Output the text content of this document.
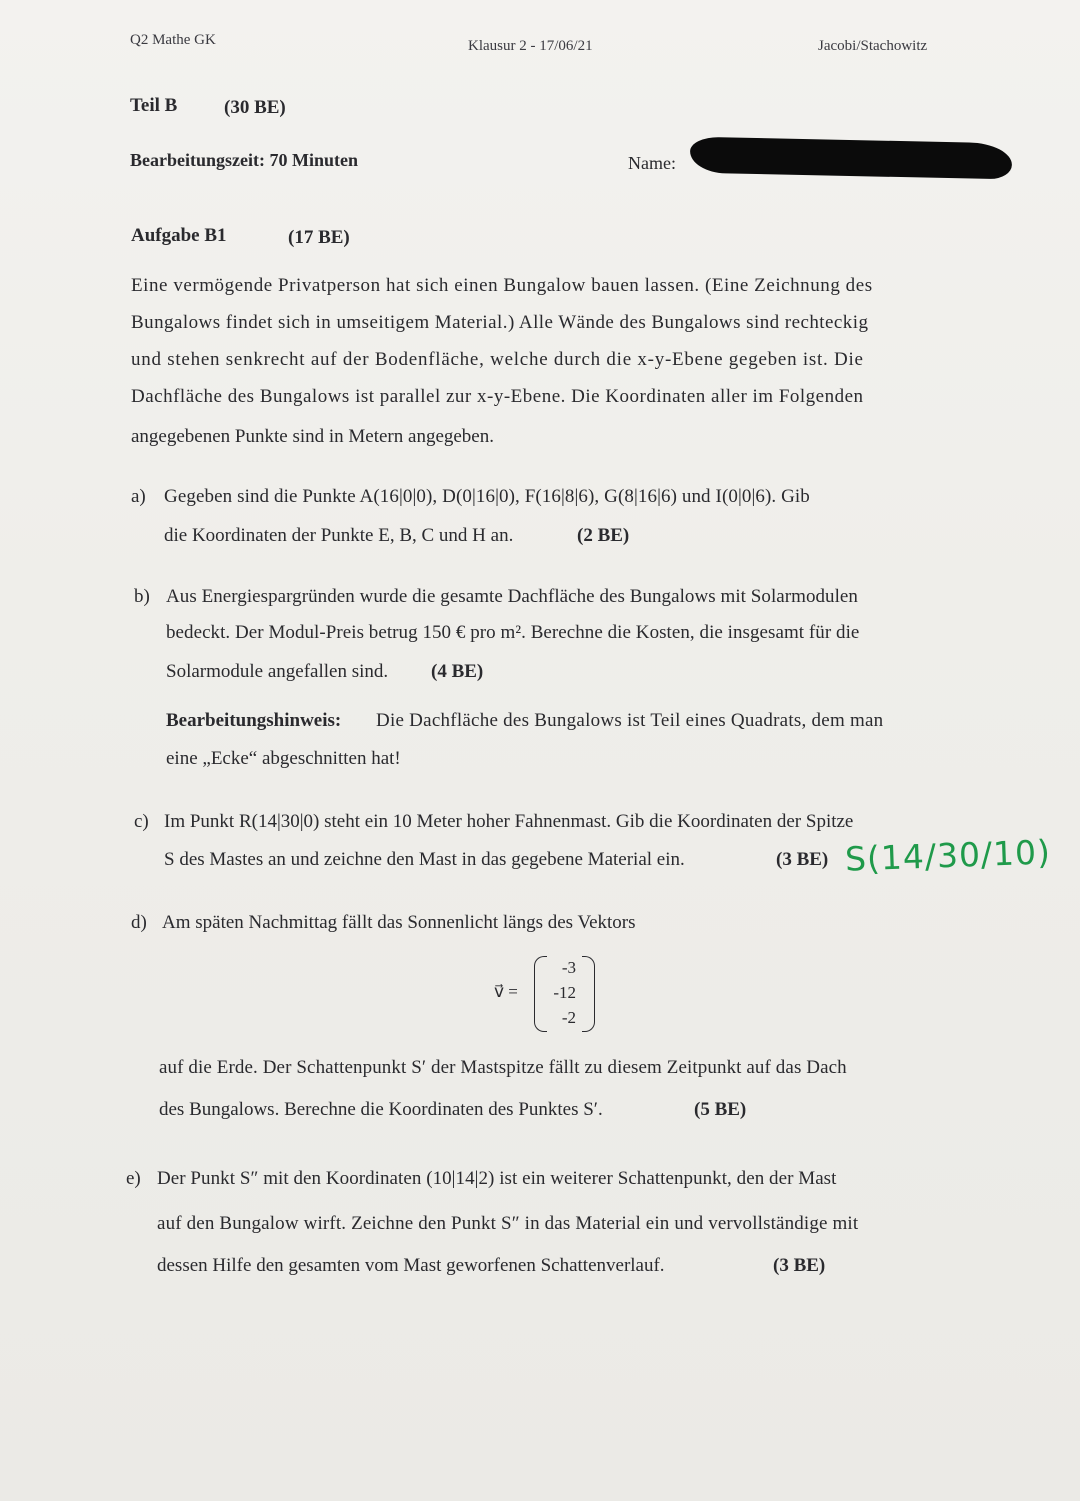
Q2 Mathe GK	Klausur 2 - 17/06/21	Jacobi/Stachowitz
Teil B (30 BE)
Bearbeitungszeit: 70 Minuten	Name:
Aufgabe B1	(17 BE)
Eine vermögende Privatperson hat sich einen Bungalow bauen lassen. (Eine Zeichnung des
Bungalows findet sich in umseitigem Material.) Alle Wände des Bungalows sind rechteckig
und stehen senkrecht auf der Bodenfläche, welche durch die x-y-Ebene gegeben ist. Die
Dachfläche des Bungalows ist parallel zur x-y-Ebene. Die Koordinaten aller im Folgenden
angegebenen Punkte sind in Metern angegeben.
a) Gegeben sind die Punkte A(16|0|0), D(0|16|0), F(16|8|6), G(8|16|6) und I(0|0|6). Gib
die Koordinaten der Punkte E, B, C und H an.	(2 BE)
b) Aus Energiespargründen wurde die gesamte Dachfläche des Bungalows mit Solarmodulen
bedeckt. Der Modul-Preis betrug 150 € pro m². Berechne die Kosten, die insgesamt für die
Solarmodule angefallen sind. (4 BE)
Bearbeitungshinweis: Die Dachfläche des Bungalows ist Teil eines Quadrats, dem man
eine „Ecke“ abgeschnitten hat!
c) Im Punkt R(14|30|0) steht ein 10 Meter hoher Fahnenmast. Gib die Koordinaten der Spitze
S des Mastes an und zeichne den Mast in das gegebene Material ein.	(3 BE) S(14/30/10)
d) Am späten Nachmittag fällt das Sonnenlicht längs des Vektors
v⃗ =
-3
-12
-2
auf die Erde. Der Schattenpunkt S′ der Mastspitze fällt zu diesem Zeitpunkt auf das Dach
des Bungalows. Berechne die Koordinaten des Punktes S′.	(5 BE)
e) Der Punkt S″ mit den Koordinaten (10|14|2) ist ein weiterer Schattenpunkt, den der Mast
auf den Bungalow wirft. Zeichne den Punkt S″ in das Material ein und vervollständige mit
dessen Hilfe den gesamten vom Mast geworfenen Schattenverlauf.	(3 BE)
